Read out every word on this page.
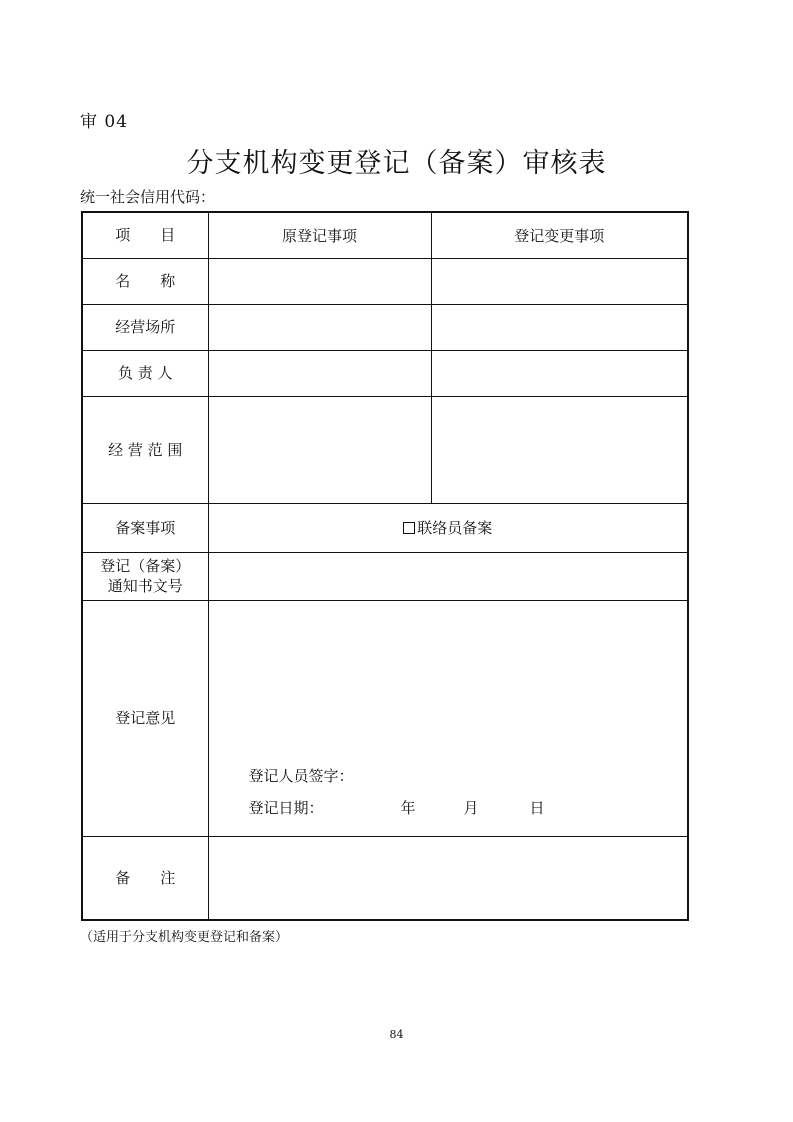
审 04
分支机构变更登记（备案）审核表
统一社会信用代码：
项　　目	原登记事项	登记变更事项
名　　称		
经营场所		
负 责 人		
经 营 范 围		
备案事项	联络员备案	

登记（备案）
通知书文号		

登记意见	登记人员签字：
登记日期： 年 月 日	

备　　注		
（适用于分支机构变更登记和备案）
84
